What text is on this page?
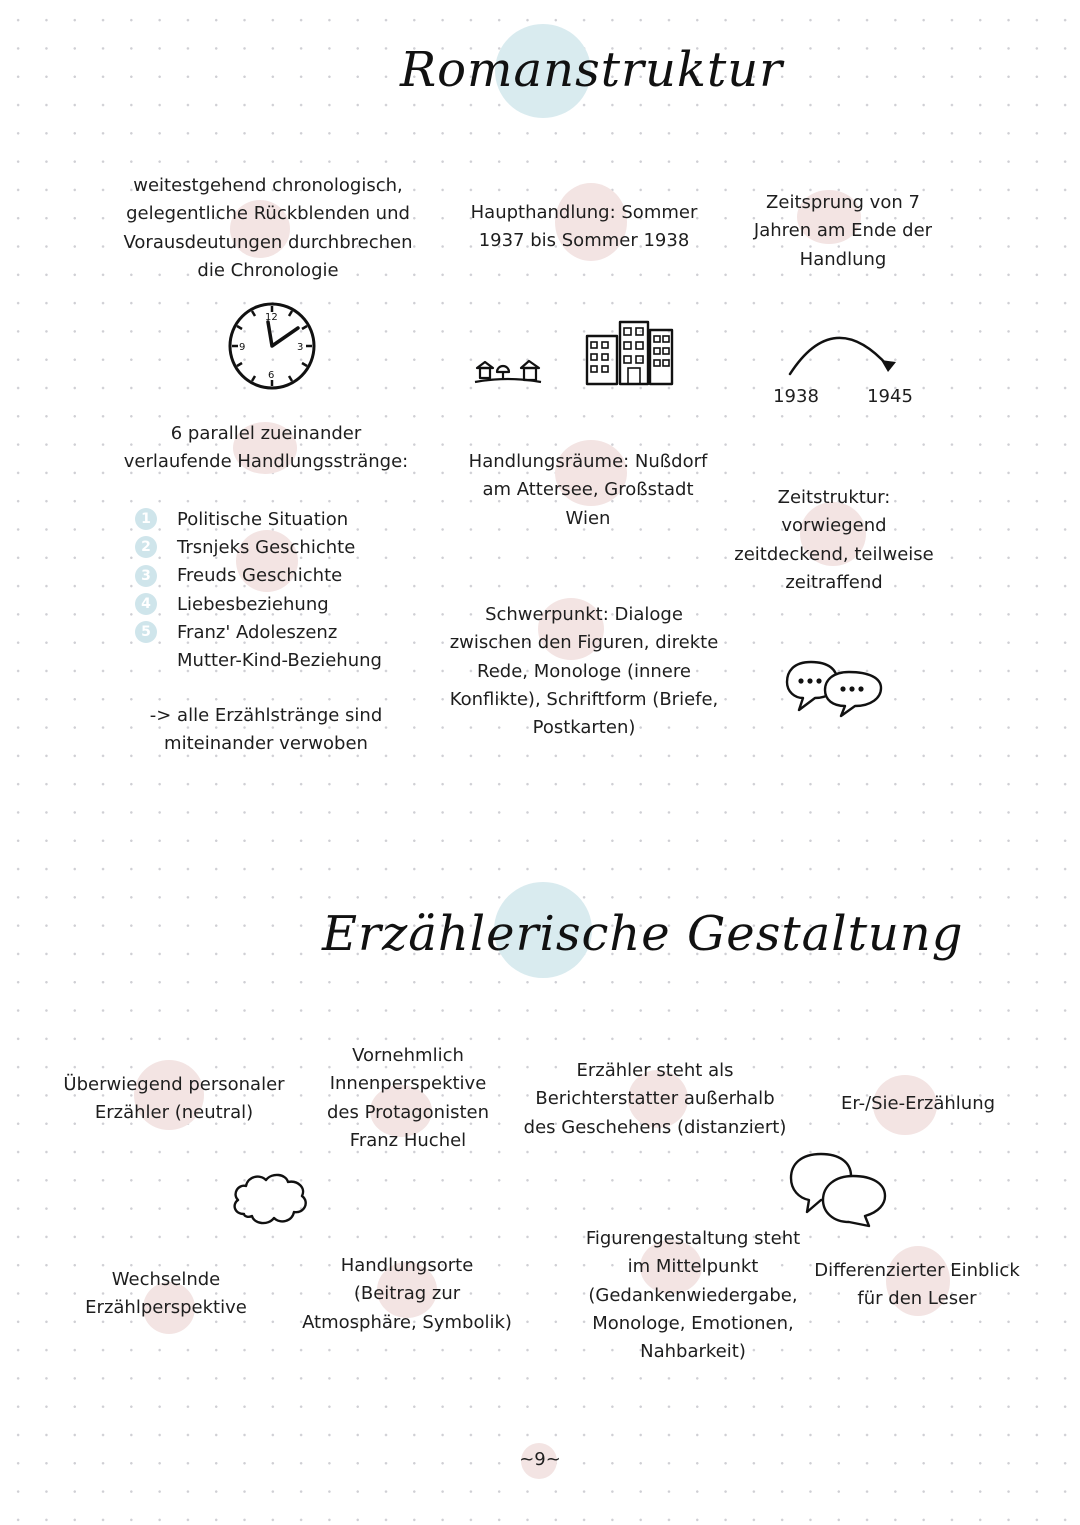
Romanstruktur
weitestgehend chronologisch,
gelegentliche Rückblenden und
Vorausdeutungen durchbrechen
die Chronologie
Haupthandlung: Sommer
1937 bis Sommer 1938
Zeitsprung von 7
Jahren am Ende der
Handlung
12
3
6
9
1938	1945
6 parallel zueinander
verlaufende Handlungsstränge:
1	Politische Situation
2	Trsnjeks Geschichte
3	Freuds Geschichte
4	Liebesbeziehung
5	Franz' Adoleszenz
Mutter-Kind-Beziehung
-> alle Erzählstränge sind
miteinander verwoben
Handlungsräume: Nußdorf
am Attersee, Großstadt
Wien
Zeitstruktur:
vorwiegend
zeitdeckend, teilweise
zeitraffend
Schwerpunkt: Dialoge
zwischen den Figuren, direkte
Rede, Monologe (innere
Konflikte), Schriftform (Briefe,
Postkarten)
Erzählerische Gestaltung
Überwiegend personaler
Erzähler (neutral)
Vornehmlich
Innenperspektive
des Protagonisten
Franz Huchel
Erzähler steht als
Berichterstatter außerhalb
des Geschehens (distanziert)
Er-/Sie-Erzählung
Wechselnde
Erzählperspektive
Handlungsorte
(Beitrag zur
Atmosphäre, Symbolik)
Figurengestaltung steht
im Mittelpunkt
(Gedankenwiedergabe,
Monologe, Emotionen,
Nahbarkeit)
Differenzierter Einblick
für den Leser
~9~
